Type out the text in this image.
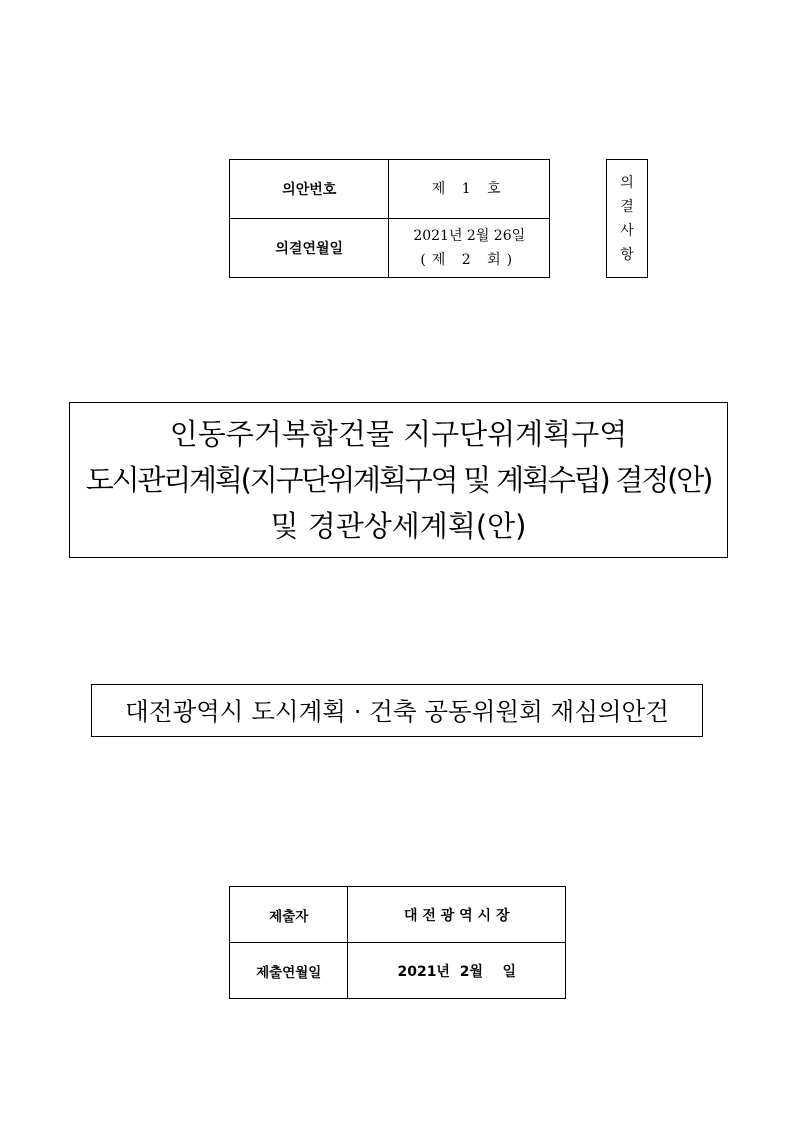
의안번호	제 1 호
의결연월일	2021년 2월 26일
(제 2 회)
의
결
사
항
인동주거복합건물 지구단위계획구역
도시관리계획(지구단위계획구역 및 계획수립) 결정(안)
및 경관상세계획(안)
대전광역시 도시계획 · 건축 공동위원회 재심의안건
제출자	대 전 광 역 시 장
제출연월일	2021년  2월    일
